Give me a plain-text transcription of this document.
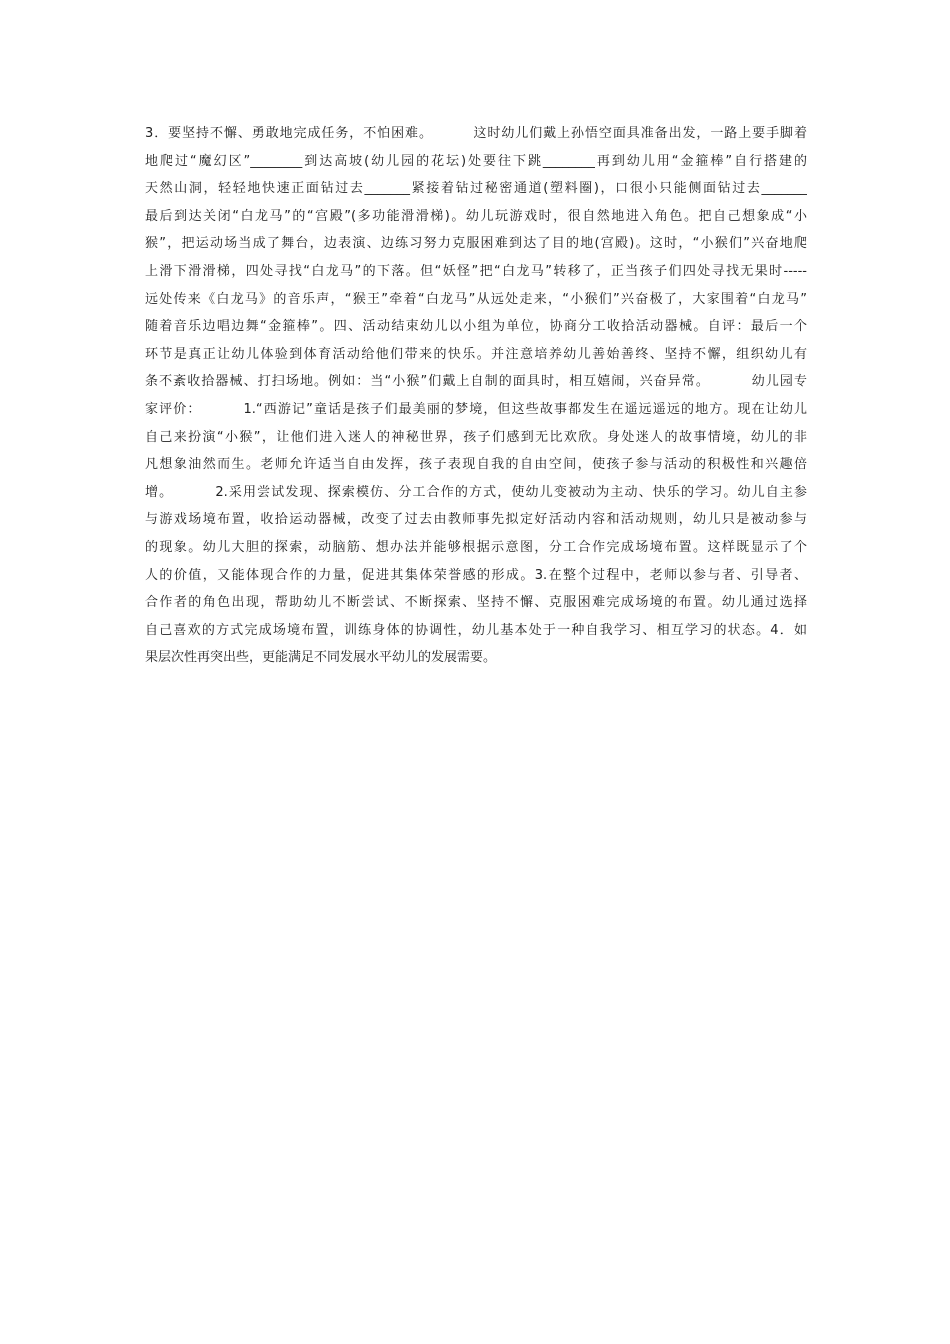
3．要坚持不懈、勇敢地完成任务，不怕困难。        这时幼儿们戴上孙悟空面具准备出发，一路上要手脚着
地爬过“魔幻区”________到达高坡(幼儿园的花坛)处要往下跳________再到幼儿用“金箍棒”自行搭建的
天然山洞，轻轻地快速正面钻过去_______紧接着钻过秘密通道(塑料圈)，口很小只能侧面钻过去_______
最后到达关闭“白龙马”的“宫殿”(多功能滑滑梯)。幼儿玩游戏时，很自然地进入角色。把自己想象成“小
猴”，把运动场当成了舞台，边表演、边练习努力克服困难到达了目的地(宫殿)。这时，“小猴们”兴奋地爬
上滑下滑滑梯，四处寻找“白龙马”的下落。但“妖怪”把“白龙马”转移了，正当孩子们四处寻找无果时-----
远处传来《白龙马》的音乐声，“猴王”牵着“白龙马”从远处走来，“小猴们”兴奋极了，大家围着“白龙马”
随着音乐边唱边舞“金箍棒”。四、活动结束幼儿以小组为单位，协商分工收拾活动器械。自评：最后一个
环节是真正让幼儿体验到体育活动给他们带来的快乐。并注意培养幼儿善始善终、坚持不懈，组织幼儿有
条不紊收拾器械、打扫场地。例如：当“小猴”们戴上自制的面具时，相互嬉闹，兴奋异常。        幼儿园专
家评价：        1.“西游记”童话是孩子们最美丽的梦境，但这些故事都发生在遥远遥远的地方。现在让幼儿
自己来扮演“小猴”，让他们进入迷人的神秘世界，孩子们感到无比欢欣。身处迷人的故事情境，幼儿的非
凡想象油然而生。老师允许适当自由发挥，孩子表现自我的自由空间，使孩子参与活动的积极性和兴趣倍
增。        2.采用尝试发现、探索模仿、分工合作的方式，使幼儿变被动为主动、快乐的学习。幼儿自主参
与游戏场境布置，收拾运动器械，改变了过去由教师事先拟定好活动内容和活动规则，幼儿只是被动参与
的现象。幼儿大胆的探索，动脑筋、想办法并能够根据示意图，分工合作完成场境布置。这样既显示了个
人的价值，又能体现合作的力量，促进其集体荣誉感的形成。3.在整个过程中，老师以参与者、引导者、
合作者的角色出现，帮助幼儿不断尝试、不断探索、坚持不懈、克服困难完成场境的布置。幼儿通过选择
自己喜欢的方式完成场境布置，训练身体的协调性，幼儿基本处于一种自我学习、相互学习的状态。4．如
果层次性再突出些，更能满足不同发展水平幼儿的发展需要。
